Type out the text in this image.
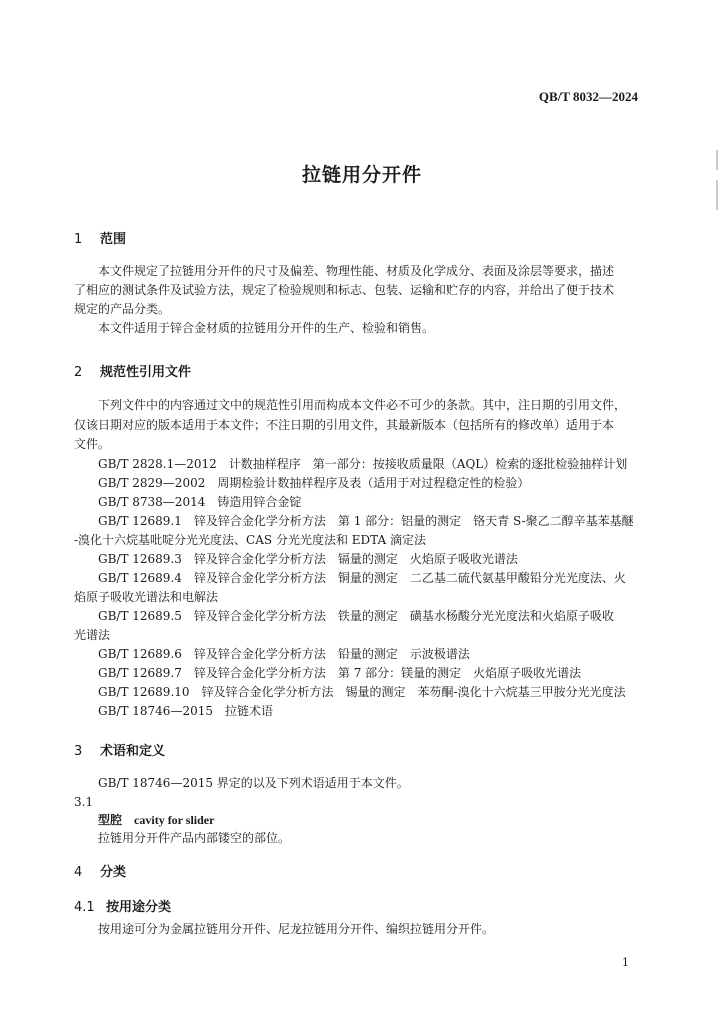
QB/T 8032—2024
拉链用分开件
1 范围
本文件规定了拉链用分开件的尺寸及偏差、物理性能、材质及化学成分、表面及涂层等要求，描述
了相应的测试条件及试验方法，规定了检验规则和标志、包装、运输和贮存的内容，并给出了便于技术
规定的产品分类。
本文件适用于锌合金材质的拉链用分开件的生产、检验和销售。
2 规范性引用文件
下列文件中的内容通过文中的规范性引用而构成本文件必不可少的条款。其中，注日期的引用文件，
仅该日期对应的版本适用于本文件；不注日期的引用文件，其最新版本（包括所有的修改单）适用于本
文件。
GB/T 2828.1—2012　计数抽样程序　第一部分：按接收质量限（AQL）检索的逐批检验抽样计划
GB/T 2829—2002　周期检验计数抽样程序及表（适用于对过程稳定性的检验）
GB/T 8738—2014　铸造用锌合金锭
GB/T 12689.1　锌及锌合金化学分析方法　第 1 部分：铝量的测定　铬天青 S-聚乙二醇辛基苯基醚
-溴化十六烷基吡啶分光光度法、CAS 分光光度法和 EDTA 滴定法
GB/T 12689.3　锌及锌合金化学分析方法　镉量的测定　火焰原子吸收光谱法
GB/T 12689.4　锌及锌合金化学分析方法　铜量的测定　二乙基二硫代氨基甲酸铅分光光度法、火
焰原子吸收光谱法和电解法
GB/T 12689.5　锌及锌合金化学分析方法　铁量的测定　磺基水杨酸分光光度法和火焰原子吸收
光谱法
GB/T 12689.6　锌及锌合金化学分析方法　铅量的测定　示波极谱法
GB/T 12689.7　锌及锌合金化学分析方法　第 7 部分：镁量的测定　火焰原子吸收光谱法
GB/T 12689.10　锌及锌合金化学分析方法　锡量的测定　苯芴酮-溴化十六烷基三甲胺分光光度法
GB/T 18746—2015　拉链术语
3 术语和定义
GB/T 18746—2015 界定的以及下列术语适用于本文件。
3.1
型腔　 cavity for slider
拉链用分开件产品内部镂空的部位。
4 分类
4.1 按用途分类
按用途可分为金属拉链用分开件、尼龙拉链用分开件、编织拉链用分开件。
1
